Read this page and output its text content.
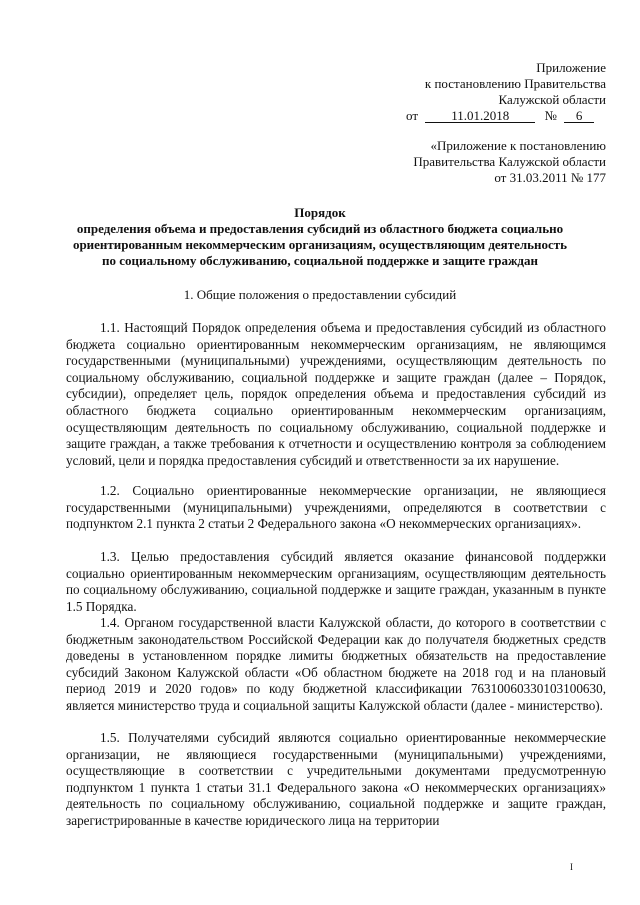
Приложение
к постановлению Правительства
Калужской области
от	11.01.2018	№ 6
«Приложение к постановлению
Правительства Калужской области
от 31.03.2011 № 177
Порядок
определения объема и предоставления субсидий из областного бюджета социально
ориентированным некоммерческим организациям, осуществляющим деятельность
по социальному обслуживанию, социальной поддержке и защите граждан
1. Общие положения о предоставлении субсидий
1.1. Настоящий Порядок определения объема и предоставления субсидий из областного бюджета социально ориентированным некоммерческим организациям, не являющимся государственными (муниципальными) учреждениями, осуществляющим деятельность по социальному обслуживанию, социальной поддержке и защите граждан (далее – Порядок, субсидии), определяет цель, порядок определения объема и предоставления субсидий из областного бюджета социально ориентированным некоммерческим организациям, осуществляющим деятельность по социальному обслуживанию, социальной поддержке и защите граждан, а также требования к отчетности и осуществлению контроля за соблюдением условий, цели и порядка предоставления субсидий и ответственности за их нарушение.
1.2. Социально ориентированные некоммерческие организации, не являющиеся государственными (муниципальными) учреждениями, определяются в соответствии с подпунктом 2.1 пункта 2 статьи 2 Федерального закона «О некоммерческих организациях».
1.3. Целью предоставления субсидий является оказание финансовой поддержки социально ориентированным некоммерческим организациям, осуществляющим деятельность по социальному обслуживанию, социальной поддержке и защите граждан, указанным в пункте 1.5 Порядка.
1.4. Органом государственной власти Калужской области, до которого в соответствии с бюджетным законодательством Российской Федерации как до получателя бюджетных средств доведены в установленном порядке лимиты бюджетных обязательств на предоставление субсидий Законом Калужской области «Об областном бюджете на 2018 год и на плановый период 2019 и 2020 годов» по коду бюджетной классификации 76310060330103100630, является министерство труда и социальной защиты Калужской области (далее - министерство).
1.5. Получателями субсидий являются социально ориентированные некоммерческие организации, не являющиеся государственными (муниципальными) учреждениями, осуществляющие в соответствии с учредительными документами предусмотренную подпунктом 1 пункта 1 статьи 31.1 Федерального закона «О некоммерческих организациях» деятельность по социальному обслуживанию, социальной поддержке и защите граждан, зарегистрированные в качестве юридического лица на территории
I
